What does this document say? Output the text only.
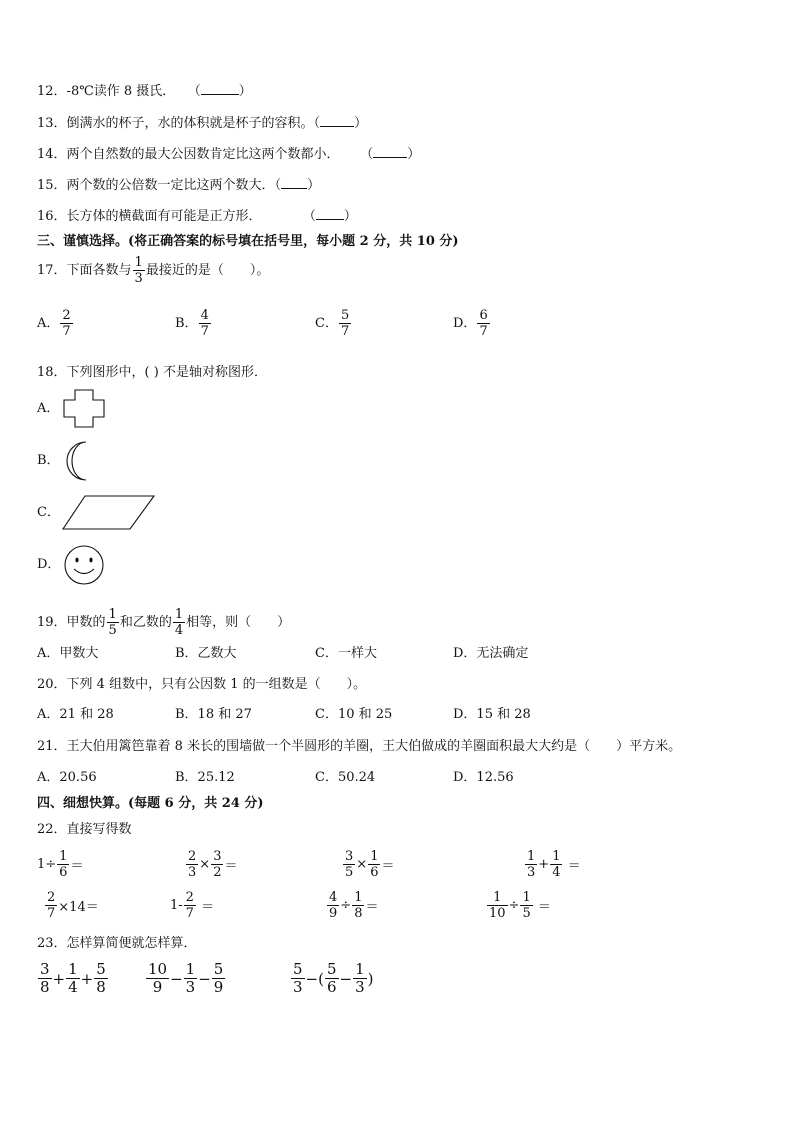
12．-8℃读作 8 摄氏． （	）
13．倒满水的杯子，水的体积就是杯子的容积。（	）
14．两个自然数的最大公因数肯定比这两个数都小． （	）
15．两个数的公倍数一定比这两个数大．（ ）
16．长方体的横截面有可能是正方形．	（ ）
三、谨慎选择。(将正确答案的标号填在括号里，每小题 2 分，共 10 分)
17．下面各数与 $\frac{1}{3}$ 最接近的是（　　）。
A． $\frac{2}{7}$	B． $\frac{4}{7}$	C． $\frac{5}{7}$	D． $\frac{6}{7}$
18．下列图形中，( ) 不是轴对称图形．
A．
B．
C．
D．
19．甲数的 $\frac{1}{5}$ 和乙数的 $\frac{1}{4}$ 相等，则（　　）
A．甲数大	B．乙数大	C．一样大	D．无法确定
20．下列 4 组数中，只有公因数 1 的一组数是（　　）。
A．21 和 28	B．18 和 27	C．10 和 25	D．15 和 28
21．王大伯用篱笆靠着 8 米长的围墙做一个半圆形的羊圈，王大伯做成的羊圈面积最大大约是（　　）平方米。
A．20.56	B．25.12	C．50.24	D．12.56
四、细想快算。(每题 6 分，共 24 分)
22．直接写得数
$1\div \frac{1}{6}$ ＝	$\frac{2}{3} \times \frac{3}{2}$ ＝	$\frac{3}{5} \times \frac{1}{6}$ ＝	$\frac{1}{3} + \frac{1}{4}$ ＝
$\frac{2}{7} \times 14=$	$1- \frac{2}{7}$ ＝	$\frac{4}{9} \div \frac{1}{8}$ ＝	$\frac{1}{10} \div \frac{1}{5}$ ＝
23．怎样算简便就怎样算．
$\frac{3}{8} + \frac{1}{4} + \frac{5}{8}$	$\frac{10}{9} - \frac{1}{3} - \frac{5}{9}$	$\frac{5}{3}$ −( $\frac{5}{6} - \frac{1}{3}$ )
